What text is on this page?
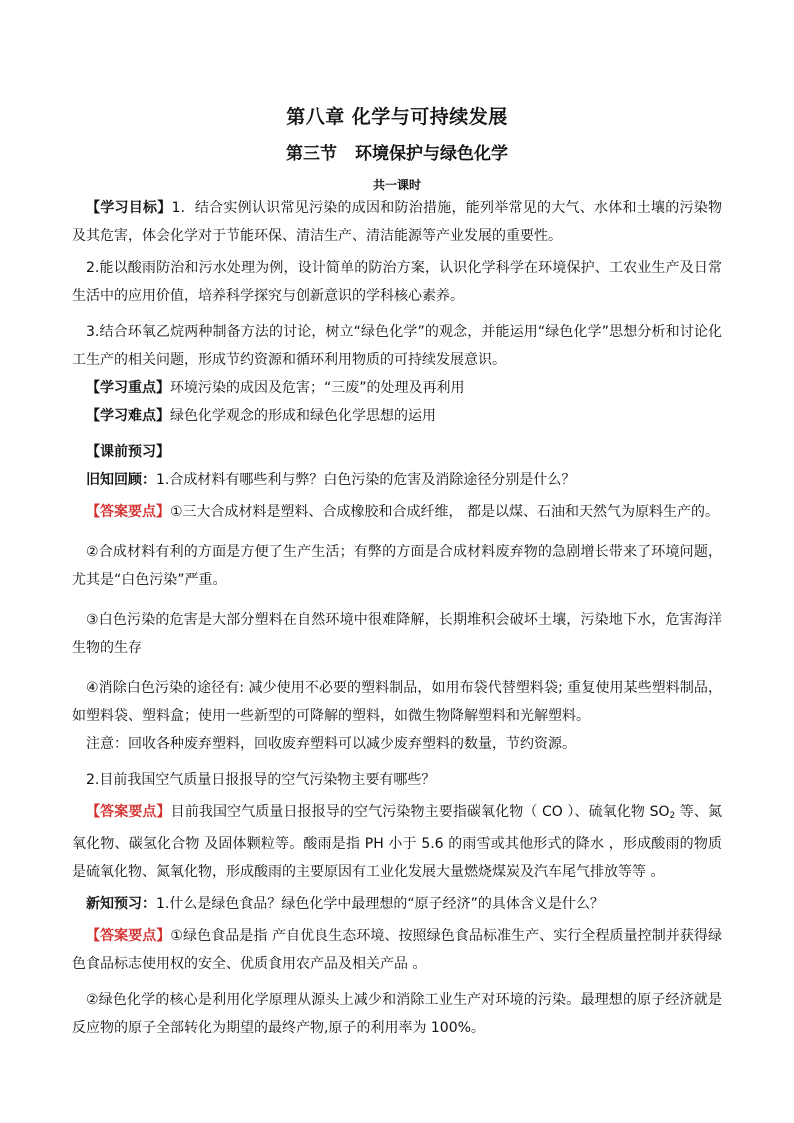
第八章 化学与可持续发展
第三节 环境保护与绿色化学
共一课时

【学习目标】1．结合实例认识常见污染的成因和防治措施，能列举常见的大气、水体和土壤的污染物及其危害，体会化学对于节能环保、清洁生产、清洁能源等产业发展的重要性。

2.能以酸雨防治和污水处理为例，设计简单的防治方案，认识化学科学在环境保护、工农业生产及日常生活中的应用价值，培养科学探究与创新意识的学科核心素养。

3.结合环氧乙烷两种制备方法的讨论，树立“绿色化学”的观念，并能运用“绿色化学”思想分析和讨论化工生产的相关问题，形成节约资源和循环利用物质的可持续发展意识。

【学习重点】环境污染的成因及危害；“三废”的处理及再利用

【学习难点】绿色化学观念的形成和绿色化学思想的运用

【课前预习】

旧知回顾：1.合成材料有哪些利与弊？白色污染的危害及消除途径分别是什么？

【答案要点】①三大合成材料是塑料、合成橡胶和合成纤维， 都是以煤、石油和天然气为原料生产的。

②合成材料有利的方面是方便了生产生活；有弊的方面是合成材料废弃物的急剧增长带来了环境问题，尤其是“白色污染”严重。

③白色污染的危害是大部分塑料在自然环境中很难降解，长期堆积会破坏土壤，污染地下水，危害海洋生物的生存

④消除白色污染的途径有: 减少使用不必要的塑料制品，如用布袋代替塑料袋; 重复使用某些塑料制品，如塑料袋、塑料盒；使用一些新型的可降解的塑料，如微生物降解塑料和光解塑料。

注意：回收各种废弃塑料，回收废弃塑料可以减少废弃塑料的数量，节约资源。

2.目前我国空气质量日报报导的空气污染物主要有哪些？

【答案要点】目前我国空气质量日报报导的空气污染物主要指碳氧化物（ CO ）、硫氧化物 $SO_2$ 等、氮氧化物、碳氢化合物 及固体颗粒等。酸雨是指 PH 小于 5.6 的雨雪或其他形式的降水 ，形成酸雨的物质是硫氧化物、氮氧化物，形成酸雨的主要原因有工业化发展大量燃烧煤炭及汽车尾气排放等等 。

新知预习：1.什么是绿色食品？绿色化学中最理想的“原子经济”的具体含义是什么？

【答案要点】①绿色食品是指 产自优良生态环境、按照绿色食品标准生产、实行全程质量控制并获得绿色食品标志使用权的安全、优质食用农产品及相关产品 。

②绿色化学的核心是利用化学原理从源头上减少和消除工业生产对环境的污染。最理想的原子经济就是反应物的原子全部转化为期望的最终产物,原子的利用率为 100%。
